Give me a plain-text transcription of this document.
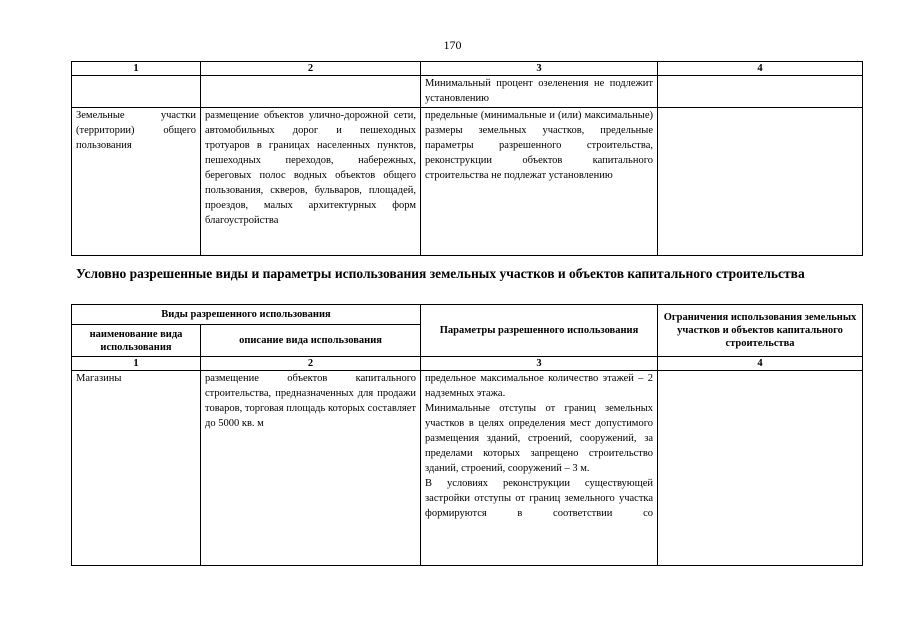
170
1	2	3	4
		Минимальный процент озеленения не подлежит установлению	
Земельные участки (территории) общего пользования	размещение объектов улично-дорожной сети, автомобильных дорог и пешеходных тротуаров в границах населенных пунктов, пешеходных переходов, набережных, береговых полос водных объектов общего пользования, скверов, бульваров, площадей, проездов, малых архитектурных форм благоустройства	предельные (минимальные и (или) максимальные) размеры земельных участков, предельные параметры разрешенного строительства, реконструкции объектов капитального строительства не подлежат установлению	
Условно разрешенные виды и параметры использования земельных участков и объектов капитального строительства
Виды разрешенного использования		Параметры разрешенного использования	Ограничения использования земельных участков и объектов капитального строительства
наименование вида использования	описание вида использования		
1	2	3	4
Магазины	размещение объектов капитального строительства, предназначенных для продажи товаров, торговая площадь которых составляет до 5000 кв. м	предельное максимальное количество этажей – 2 надземных этажа.
Минимальные отступы от границ земельных участков в целях определения мест допустимого размещения зданий, строений, сооружений, за пределами которых запрещено строительство зданий, строений, сооружений – 3 м.
В условиях реконструкции существующей застройки отступы от границ земельного участка формируются в соответствии со	
